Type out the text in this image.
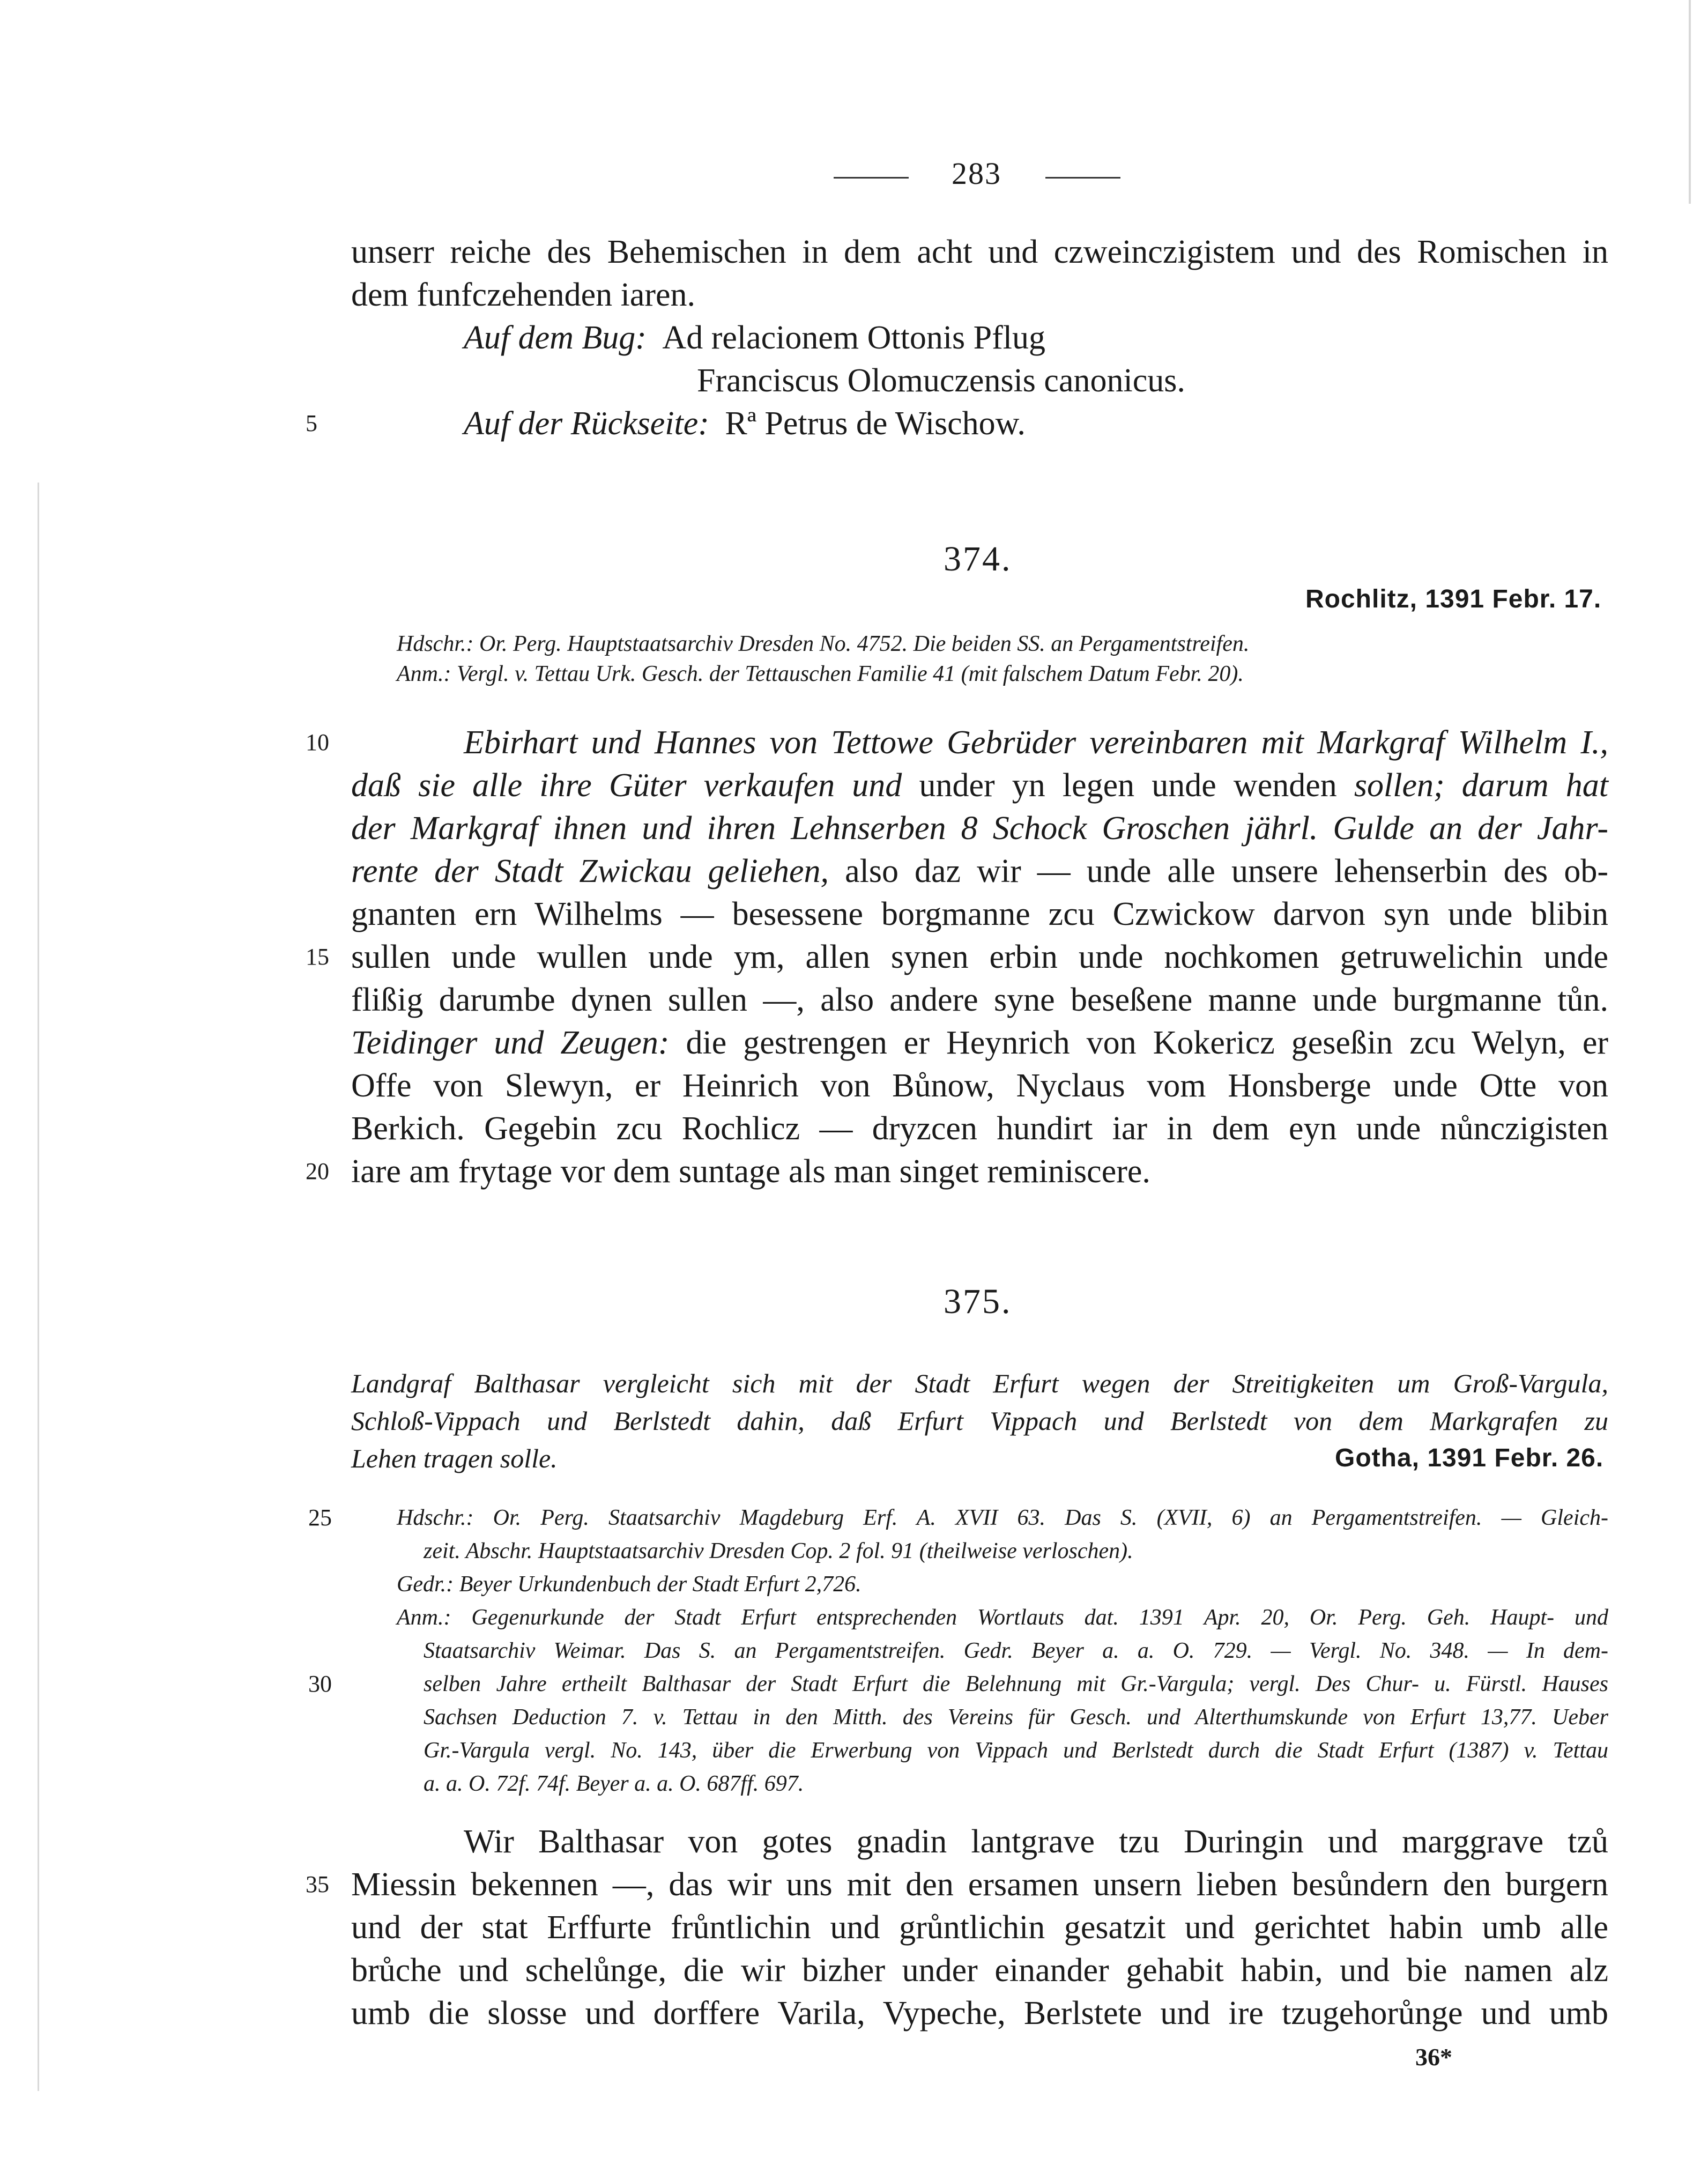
283
unserr reiche des Behemischen in dem acht und czweinczigistem und des Romischen in
dem funfczehenden iaren.
Auf dem Bug: Ad relacionem Ottonis Pflug
Franciscus Olomuczensis canonicus.
5	Auf der Rückseite: Rª Petrus de Wischow.
374.
Rochlitz, 1391 Febr. 17.
Hdschr.: Or. Perg. Hauptstaatsarchiv Dresden No. 4752. Die beiden SS. an Pergamentstreifen.
Anm.: Vergl. v. Tettau Urk. Gesch. der Tettauschen Familie 41 (mit falschem Datum Febr. 20).
10	Ebirhart und Hannes von Tettowe Gebrüder vereinbaren mit Markgraf Wilhelm I.,
daß sie alle ihre Güter verkaufen und under yn legen unde wenden sollen; darum hat
der Markgraf ihnen und ihren Lehnserben 8 Schock Groschen jährl. Gulde an der Jahr-
rente der Stadt Zwickau geliehen, also daz wir — unde alle unsere lehenserbin des ob-
gnanten ern Wilhelms — besessene borgmanne zcu Czwickow darvon syn unde blibin
15 sullen unde wullen unde ym, allen synen erbin unde nochkomen getruwelichin unde
flißig darumbe dynen sullen —, also andere syne beseßene manne unde burgmanne tůn.
Teidinger und Zeugen: die gestrengen er Heynrich von Kokericz geseßin zcu Welyn, er
Offe von Slewyn, er Heinrich von Bůnow, Nyclaus vom Honsberge unde Otte von
Berkich. Gegebin zcu Rochlicz — dryzcen hundirt iar in dem eyn unde nůnczigisten
20 iare am frytage vor dem suntage als man singet reminiscere.
375.
Landgraf Balthasar vergleicht sich mit der Stadt Erfurt wegen der Streitigkeiten um Groß-Vargula,
Schloß-Vippach und Berlstedt dahin, daß Erfurt Vippach und Berlstedt von dem Markgrafen zu
Lehen tragen solle.	Gotha, 1391 Febr. 26.
25	Hdschr.: Or. Perg. Staatsarchiv Magdeburg Erf. A. XVII 63. Das S. (XVII, 6) an Pergamentstreifen. — Gleich-
zeit. Abschr. Hauptstaatsarchiv Dresden Cop. 2 fol. 91 (theilweise verloschen).
Gedr.: Beyer Urkundenbuch der Stadt Erfurt 2,726.
Anm.: Gegenurkunde der Stadt Erfurt entsprechenden Wortlauts dat. 1391 Apr. 20, Or. Perg. Geh. Haupt- und
Staatsarchiv Weimar. Das S. an Pergamentstreifen. Gedr. Beyer a. a. O. 729. — Vergl. No. 348. — In dem-
30	selben Jahre ertheilt Balthasar der Stadt Erfurt die Belehnung mit Gr.-Vargula; vergl. Des Chur- u. Fürstl. Hauses
Sachsen Deduction 7. v. Tettau in den Mitth. des Vereins für Gesch. und Alterthumskunde von Erfurt 13,77. Ueber
Gr.-Vargula vergl. No. 143, über die Erwerbung von Vippach und Berlstedt durch die Stadt Erfurt (1387) v. Tettau
a. a. O. 72f. 74f. Beyer a. a. O. 687ff. 697.
Wir Balthasar von gotes gnadin lantgrave tzu Duringin und marggrave tzů
35 Miessin bekennen —, das wir uns mit den ersamen unsern lieben besůndern den burgern
und der stat Erffurte frůntlichin und grůntlichin gesatzit und gerichtet habin umb alle
brůche und schelůnge, die wir bizher under einander gehabit habin, und bie namen alz
umb die slosse und dorffere Varila, Vypeche, Berlstete und ire tzugehorůnge und umb
36*
